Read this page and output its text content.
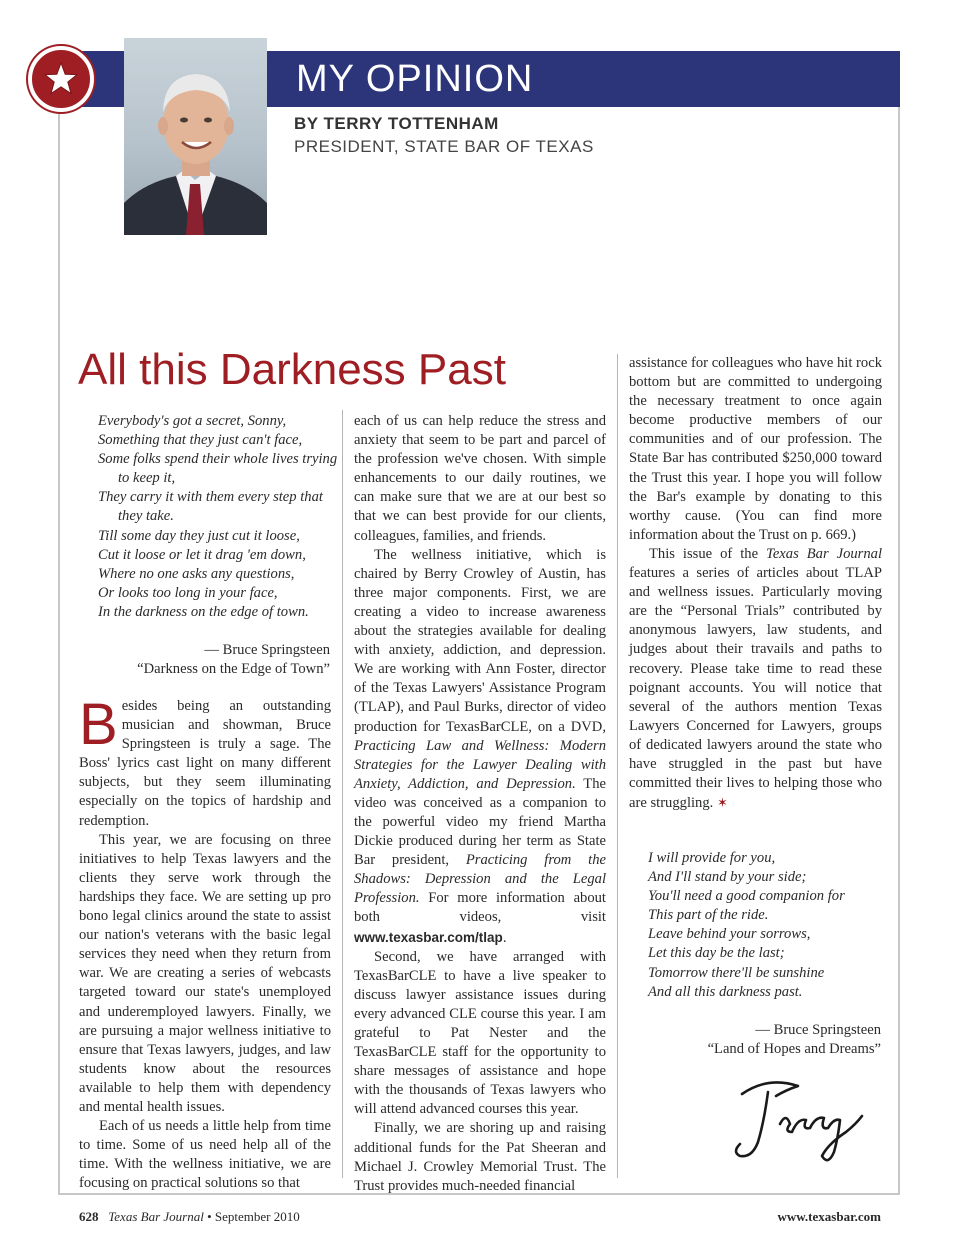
MY OPINION
BY TERRY TOTTENHAM
PRESIDENT, STATE BAR OF TEXAS
All this Darkness Past
Everybody's got a secret, Sonny,
Something that they just can't face,
Some folks spend their whole lives trying
to keep it,
They carry it with them every step that
they take.
Till some day they just cut it loose,
Cut it loose or let it drag 'em down,
Where no one asks any questions,
Or looks too long in your face,
In the darkness on the edge of town.
— Bruce Springsteen
“Darkness on the Edge of Town”

Besides being an outstanding musician and showman, Bruce Springsteen is truly a sage. The Boss' lyrics cast light on many different subjects, but they seem illuminating especially on the topics of hardship and redemption.

This year, we are focusing on three initiatives to help Texas lawyers and the clients they serve work through the hardships they face. We are setting up pro bono legal clinics around the state to assist our nation's veterans with the basic legal services they need when they return from war. We are creating a series of webcasts targeted toward our state's unemployed and underemployed lawyers. Finally, we are pursuing a major wellness initiative to ensure that Texas lawyers, judges, and law students know about the resources available to help them with dependency and mental health issues.

Each of us needs a little help from time to time. Some of us need help all of the time. With the wellness initiative, we are focusing on practical solutions so that

each of us can help reduce the stress and anxiety that seem to be part and parcel of the profession we've chosen. With simple enhancements to our daily routines, we can make sure that we are at our best so that we can best provide for our clients, colleagues, families, and friends.

The wellness initiative, which is chaired by Berry Crowley of Austin, has three major components. First, we are creating a video to increase awareness about the strategies available for dealing with anxiety, addiction, and depression. We are working with Ann Foster, director of the Texas Lawyers' Assistance Program (TLAP), and Paul Burks, director of video production for TexasBarCLE, on a DVD, Practicing Law and Wellness: Modern Strategies for the Lawyer Dealing with Anxiety, Addiction, and Depression. The video was conceived as a companion to the powerful video my friend Martha Dickie produced during her term as State Bar president, Practicing from the Shadows: Depression and the Legal Profession. For more information about both videos, visit www.texasbar.com/tlap.

Second, we have arranged with TexasBarCLE to have a live speaker to discuss lawyer assistance issues during every advanced CLE course this year. I am grateful to Pat Nester and the TexasBarCLE staff for the opportunity to share messages of assistance and hope with the thousands of Texas lawyers who will attend advanced courses this year.

Finally, we are shoring up and raising additional funds for the Pat Sheeran and Michael J. Crowley Memorial Trust. The Trust provides much-needed financial

assistance for colleagues who have hit rock bottom but are committed to undergoing the necessary treatment to once again become productive members of our communities and of our profession. The State Bar has contributed $250,000 toward the Trust this year. I hope you will follow the Bar's example by donating to this worthy cause. (You can find more information about the Trust on p. 669.)

This issue of the Texas Bar Journal features a series of articles about TLAP and wellness issues. Particularly moving are the “Personal Trials” contributed by anonymous lawyers, law students, and judges about their travails and paths to recovery. Please take time to read these poignant accounts. You will notice that several of the authors mention Texas Lawyers Concerned for Lawyers, groups of dedicated lawyers around the state who have struggled in the past but have committed their lives to helping those who are struggling. ✶

I will provide for you,
And I'll stand by your side;
You'll need a good companion for
This part of the ride.
Leave behind your sorrows,
Let this day be the last;
Tomorrow there'll be sunshine
And all this darkness past.
— Bruce Springsteen
“Land of Hopes and Dreams”
628 Texas Bar Journal • September 2010	www.texasbar.com
